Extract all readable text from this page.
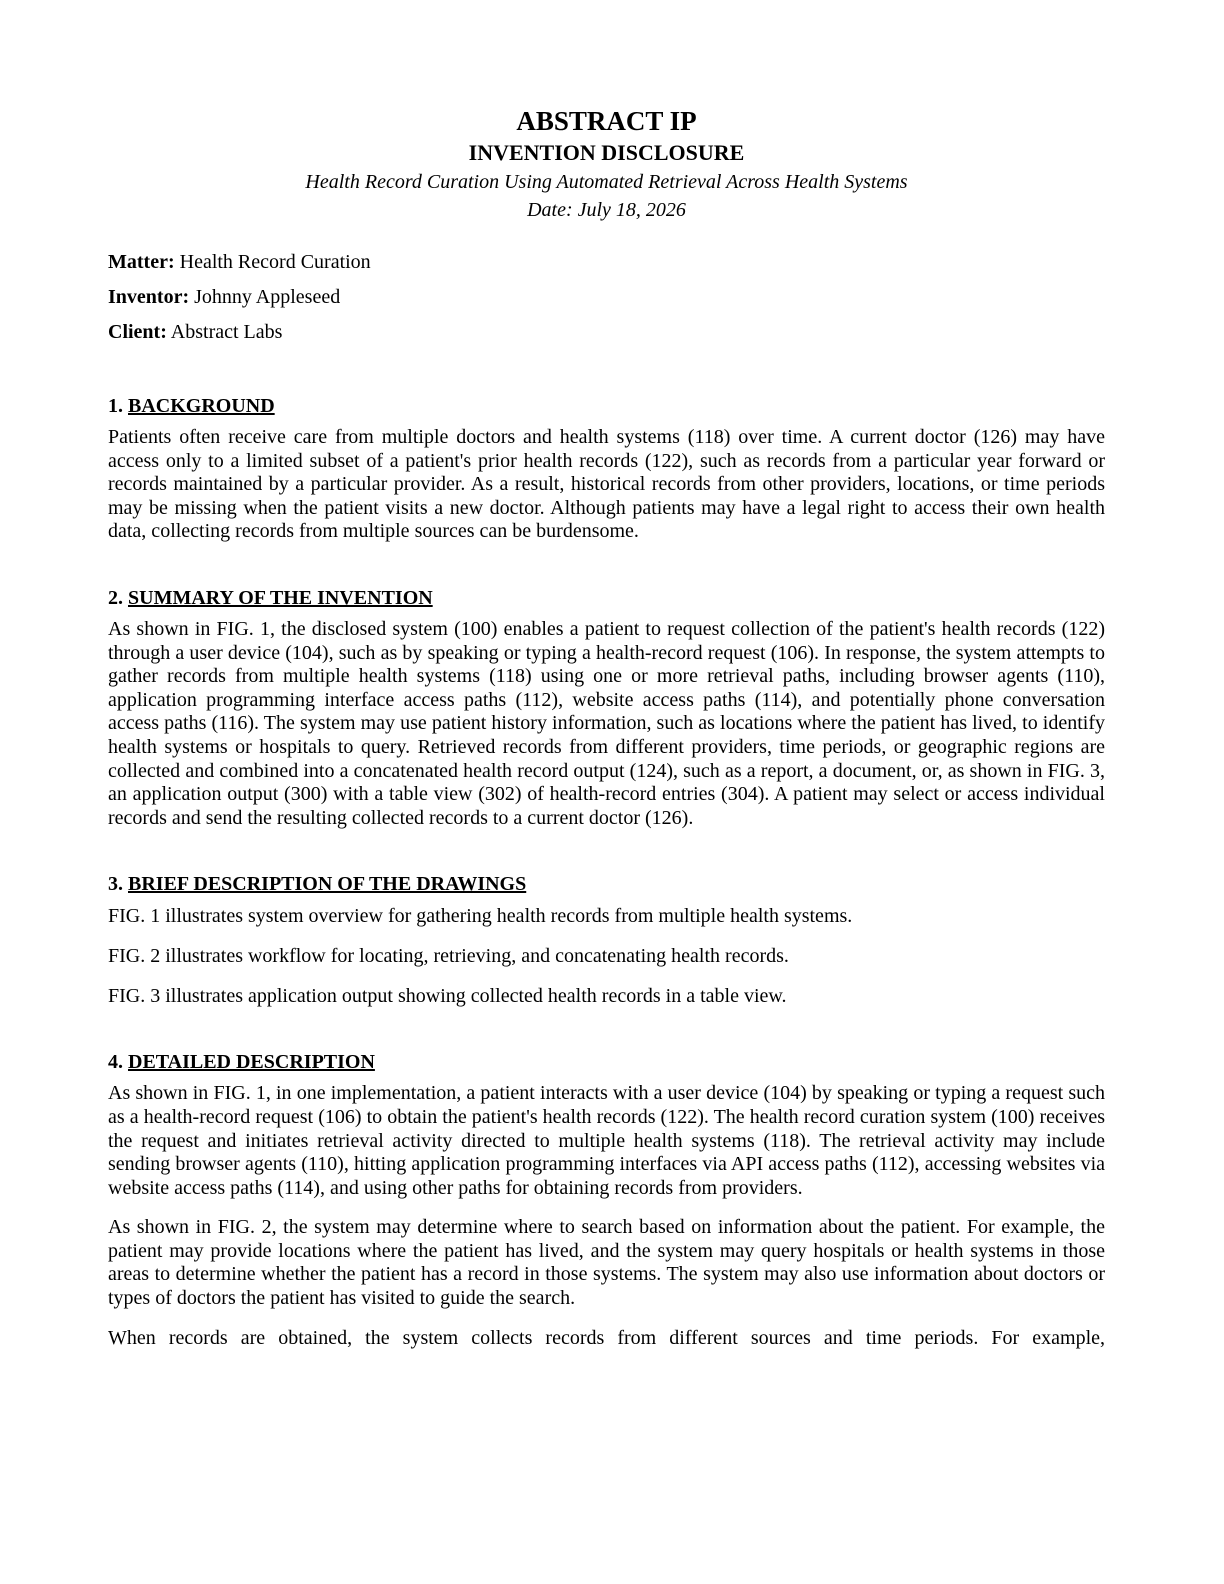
ABSTRACT IP

INVENTION DISCLOSURE

Health Record Curation Using Automated Retrieval Across Health Systems

Date: July 18, 2026

Matter: Health Record Curation

Inventor: Johnny Appleseed

Client: Abstract Labs

1. BACKGROUND

Patients often receive care from multiple doctors and health systems (118) over time. A current doctor (126) may have access only to a limited subset of a patient's prior health records (122), such as records from a particular year forward or records maintained by a particular provider. As a result, historical records from other providers, locations, or time periods may be missing when the patient visits a new doctor. Although patients may have a legal right to access their own health data, collecting records from multiple sources can be burdensome.

2. SUMMARY OF THE INVENTION

As shown in FIG. 1, the disclosed system (100) enables a patient to request collection of the patient's health records (122) through a user device (104), such as by speaking or typing a health-record request (106). In response, the system attempts to gather records from multiple health systems (118) using one or more retrieval paths, including browser agents (110), application programming interface access paths (112), website access paths (114), and potentially phone conversation access paths (116). The system may use patient history information, such as locations where the patient has lived, to identify health systems or hospitals to query. Retrieved records from different providers, time periods, or geographic regions are collected and combined into a concatenated health record output (124), such as a report, a document, or, as shown in FIG. 3, an application output (300) with a table view (302) of health-record entries (304). A patient may select or access individual records and send the resulting collected records to a current doctor (126).

3. BRIEF DESCRIPTION OF THE DRAWINGS

FIG. 1 illustrates system overview for gathering health records from multiple health systems.

FIG. 2 illustrates workflow for locating, retrieving, and concatenating health records.

FIG. 3 illustrates application output showing collected health records in a table view.

4. DETAILED DESCRIPTION

As shown in FIG. 1, in one implementation, a patient interacts with a user device (104) by speaking or typing a request such as a health-record request (106) to obtain the patient's health records (122). The health record curation system (100) receives the request and initiates retrieval activity directed to multiple health systems (118). The retrieval activity may include sending browser agents (110), hitting application programming interfaces via API access paths (112), accessing websites via website access paths (114), and using other paths for obtaining records from providers.

As shown in FIG. 2, the system may determine where to search based on information about the patient. For example, the patient may provide locations where the patient has lived, and the system may query hospitals or health systems in those areas to determine whether the patient has a record in those systems. The system may also use information about doctors or types of doctors the patient has visited to guide the search.

When records are obtained, the system collects records from different sources and time periods. For example,
